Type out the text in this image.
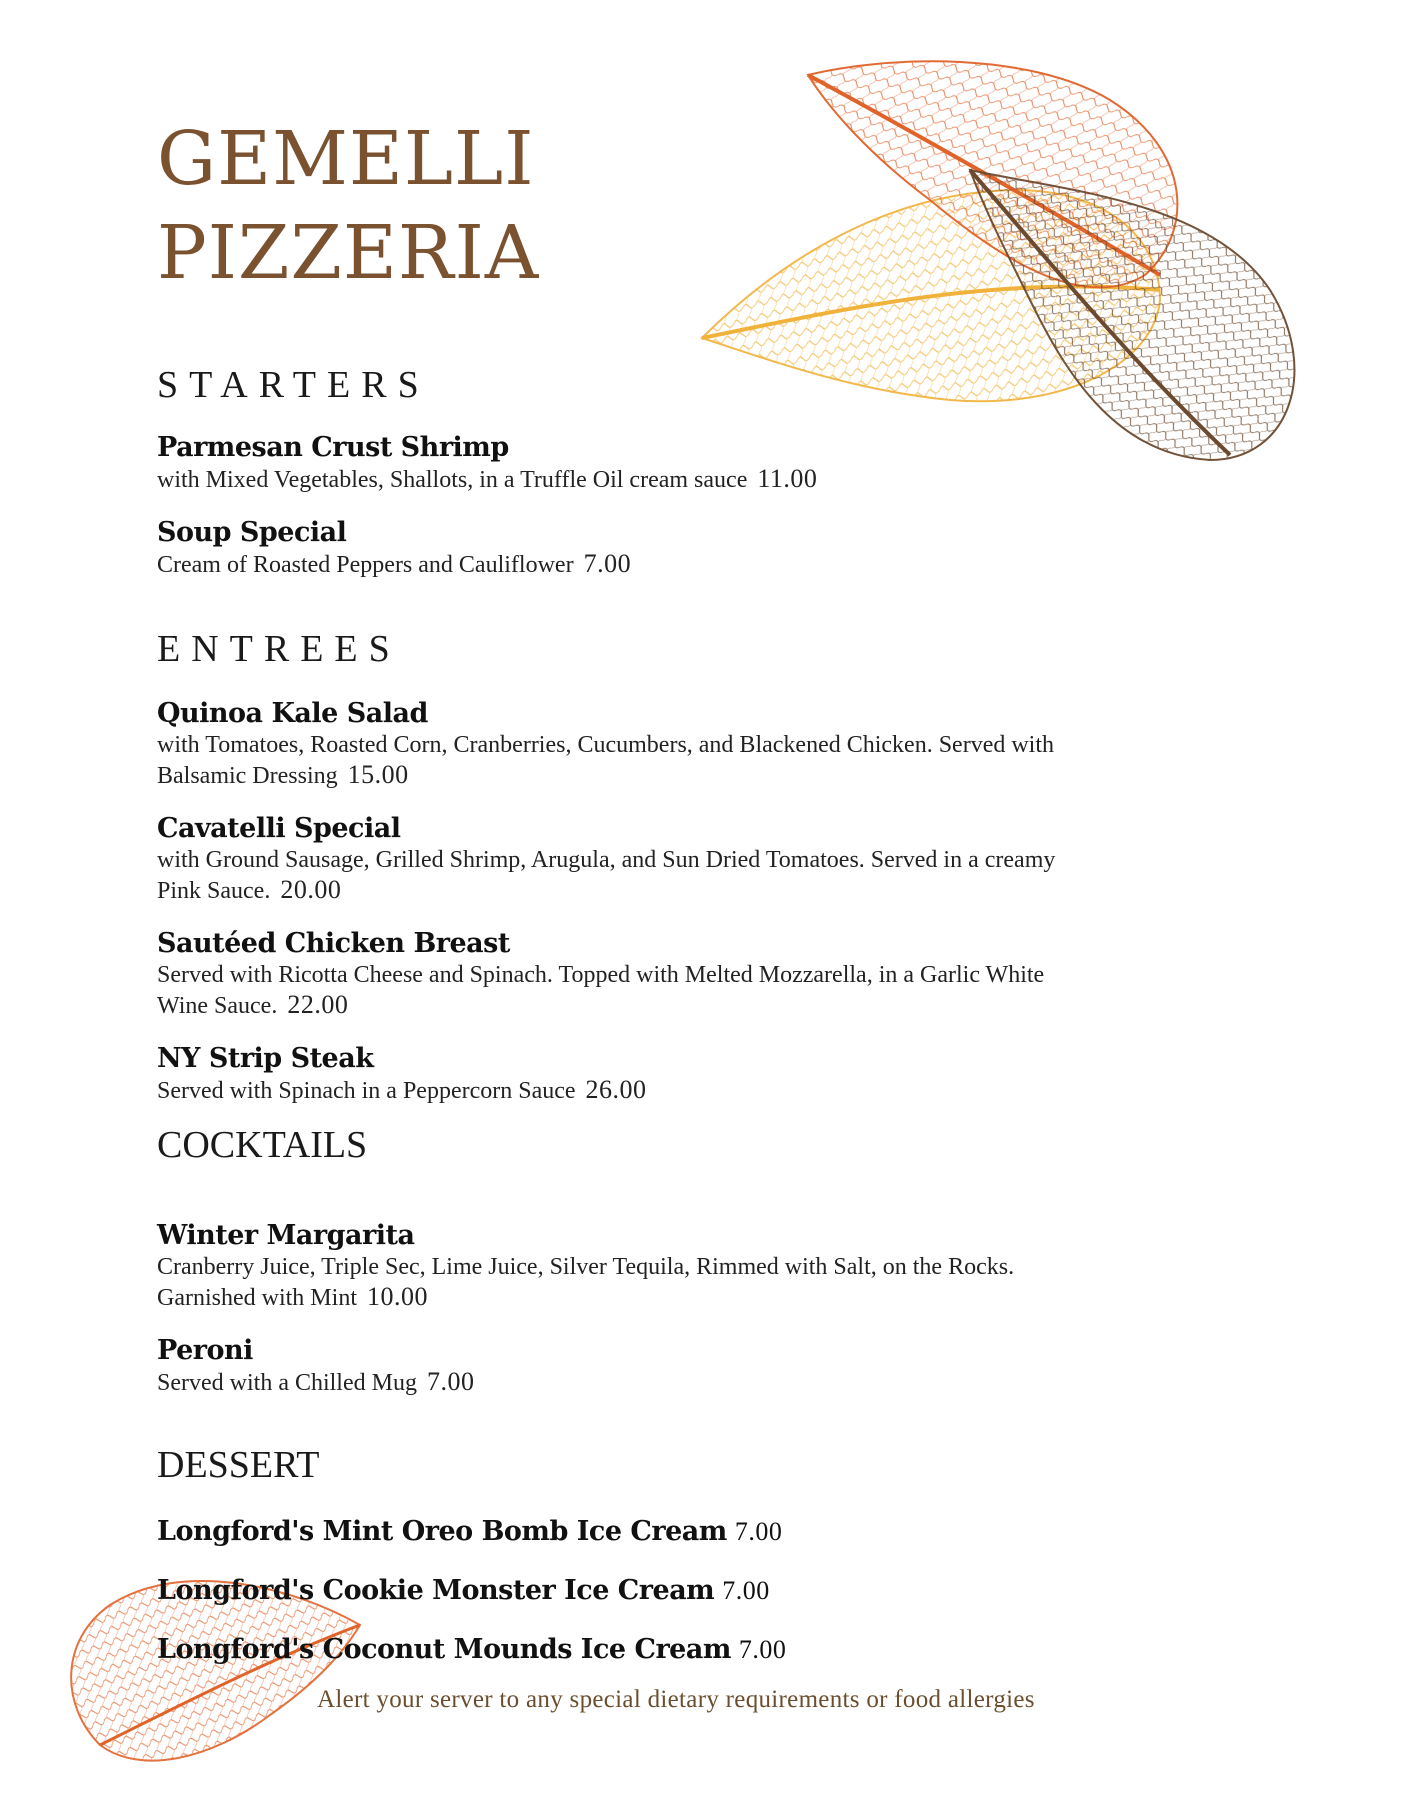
GEMELLI
PIZZERIA
STARTERS
Parmesan Crust Shrimp
with Mixed Vegetables, Shallots, in a Truffle Oil cream sauce 11.00
Soup Special
Cream of Roasted Peppers and Cauliflower 7.00
ENTREES
Quinoa Kale Salad
with Tomatoes, Roasted Corn, Cranberries, Cucumbers, and Blackened Chicken. Served with
Balsamic Dressing 15.00
Cavatelli Special
with Ground Sausage, Grilled Shrimp, Arugula, and Sun Dried Tomatoes. Served in a creamy
Pink Sauce. 20.00
Sautéed Chicken Breast
Served with Ricotta Cheese and Spinach. Topped with Melted Mozzarella, in a Garlic White
Wine Sauce. 22.00
NY Strip Steak
Served with Spinach in a Peppercorn Sauce 26.00
COCKTAILS
Winter Margarita
Cranberry Juice, Triple Sec, Lime Juice, Silver Tequila, Rimmed with Salt, on the Rocks.
Garnished with Mint 10.00
Peroni
Served with a Chilled Mug 7.00
DESSERT
Longford's Mint Oreo Bomb Ice Cream 7.00
Longford's Cookie Monster Ice Cream 7.00
Longford's Coconut Mounds Ice Cream 7.00

Alert your server to any special dietary requirements or food allergies
